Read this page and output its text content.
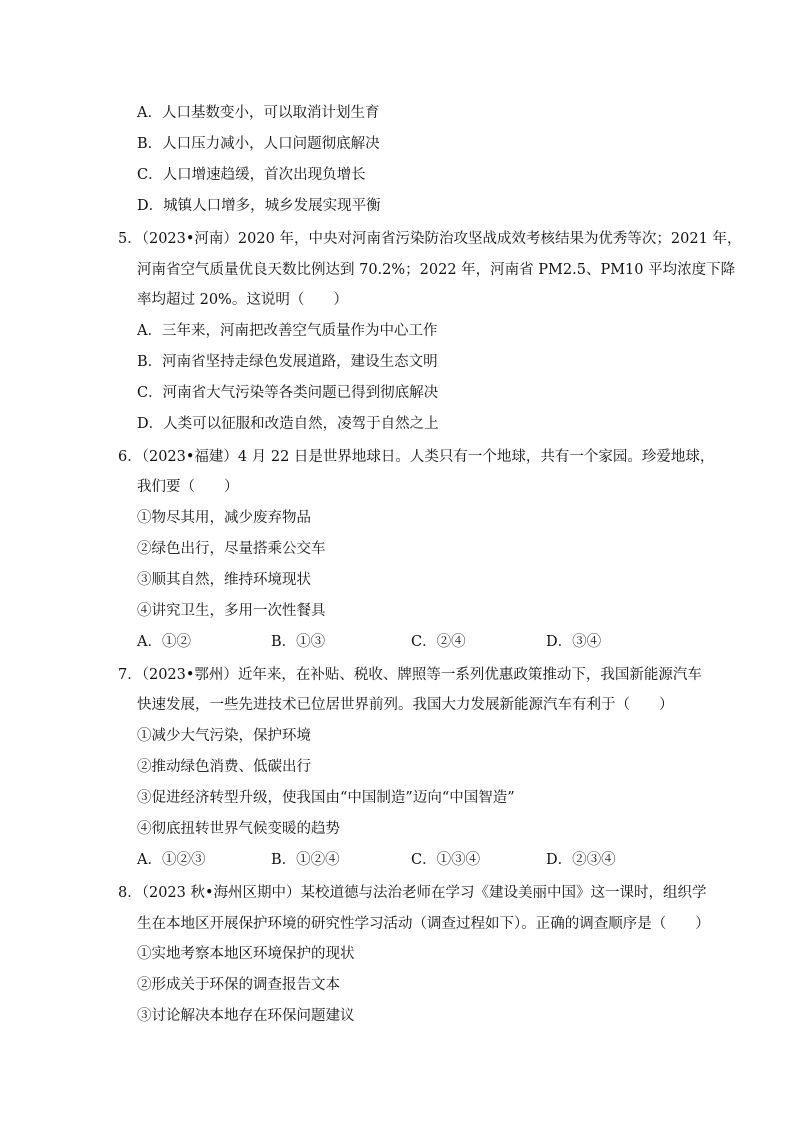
A．人口基数变小，可以取消计划生育
B．人口压力减小，人口问题彻底解决
C．人口增速趋缓，首次出现负增长
D．城镇人口增多，城乡发展实现平衡
5．（2023•河南）2020 年，中央对河南省污染防治攻坚战成效考核结果为优秀等次；2021 年，
河南省空气质量优良天数比例达到 70.2%；2022 年，河南省 PM2.5、PM10 平均浓度下降
率均超过 20%。这说明（　　）
A．三年来，河南把改善空气质量作为中心工作
B．河南省坚持走绿色发展道路，建设生态文明
C．河南省大气污染等各类问题已得到彻底解决
D．人类可以征服和改造自然，凌驾于自然之上
6．（2023•福建）4 月 22 日是世界地球日。人类只有一个地球，共有一个家园。珍爱地球，
我们要（　　）
①物尽其用，减少废弃物品
②绿色出行，尽量搭乘公交车
③顺其自然，维持环境现状
④讲究卫生，多用一次性餐具
A．①②	B．①③	C．②④	D．③④
7．（2023•鄂州）近年来，在补贴、税收、牌照等一系列优惠政策推动下，我国新能源汽车
快速发展，一些先进技术已位居世界前列。我国大力发展新能源汽车有利于（　　）
①减少大气污染，保护环境
②推动绿色消费、低碳出行
③促进经济转型升级，使我国由“中国制造”迈向“中国智造”
④彻底扭转世界气候变暖的趋势
A．①②③	B．①②④	C．①③④	D．②③④
8．（2023 秋•海州区期中）某校道德与法治老师在学习《建设美丽中国》这一课时，组织学
生在本地区开展保护环境的研究性学习活动（调查过程如下）。正确的调查顺序是（　　）
①实地考察本地区环境保护的现状
②形成关于环保的调查报告文本
③讨论解决本地存在环保问题建议
